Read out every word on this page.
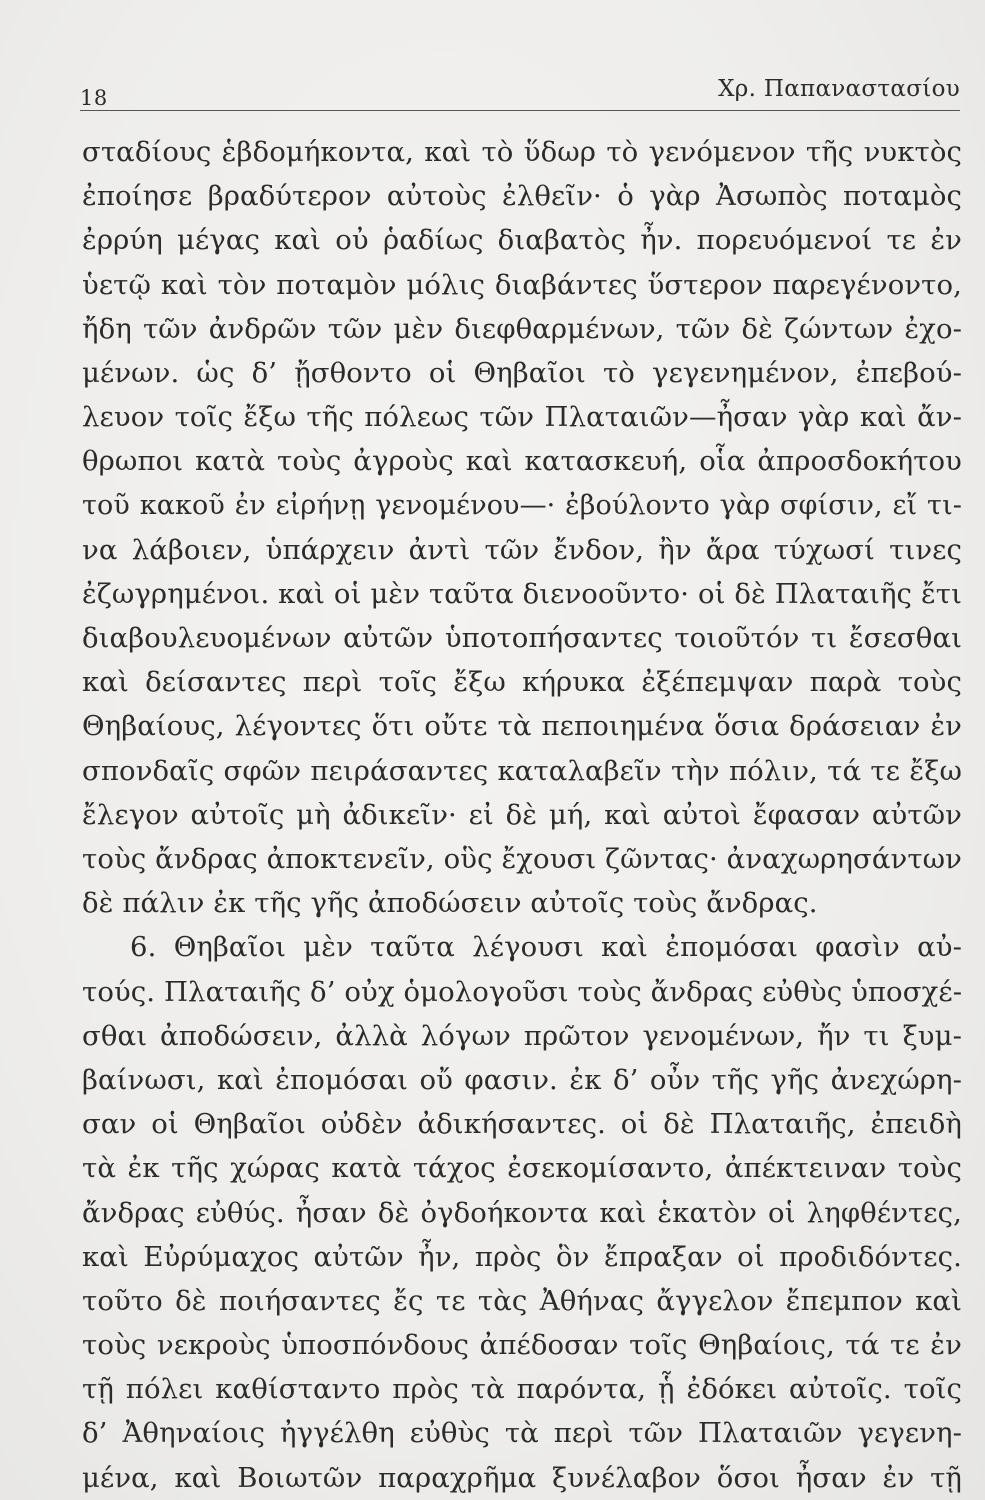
18	Χρ. Παπαναστασίου
σταδίους ἑβδομήκοντα, καὶ τὸ ὕδωρ τὸ γενόμενον τῆς νυκτὸς
ἐποίησε βραδύτερον αὐτοὺς ἐλθεῖν· ὁ γὰρ Ἀσωπὸς ποταμὸς
ἐρρύη μέγας καὶ οὐ ῥαδίως διαβατὸς ἦν. πορευόμενοί τε ἐν
ὑετῷ καὶ τὸν ποταμὸν μόλις διαβάντες ὕστερον παρεγένοντο,
ἤδη τῶν ἀνδρῶν τῶν μὲν διεφθαρμένων, τῶν δὲ ζώντων ἐχο-
μένων. ὡς δ’ ᾔσθοντο οἱ Θηβαῖοι τὸ γεγενημένον, ἐπεβού-
λευον τοῖς ἔξω τῆς πόλεως τῶν Πλαταιῶν—ἦσαν γὰρ καὶ ἄν-
θρωποι κατὰ τοὺς ἀγροὺς καὶ κατασκευή, οἷα ἀπροσδοκήτου
τοῦ κακοῦ ἐν εἰρήνῃ γενομένου—· ἐβούλοντο γὰρ σφίσιν, εἴ τι-
να λάβοιεν, ὑπάρχειν ἀντὶ τῶν ἔνδον, ἢν ἄρα τύχωσί τινες
ἐζωγρημένοι. καὶ οἱ μὲν ταῦτα διενοοῦντο· οἱ δὲ Πλαταιῆς ἔτι
διαβουλευομένων αὐτῶν ὑποτοπήσαντες τοιοῦτόν τι ἔσεσθαι
καὶ δείσαντες περὶ τοῖς ἔξω κήρυκα ἐξέπεμψαν παρὰ τοὺς
Θηβαίους, λέγοντες ὅτι οὔτε τὰ πεποιημένα ὅσια δράσειαν ἐν
σπονδαῖς σφῶν πειράσαντες καταλαβεῖν τὴν πόλιν, τά τε ἔξω
ἔλεγον αὐτοῖς μὴ ἀδικεῖν· εἰ δὲ μή, καὶ αὐτοὶ ἔφασαν αὐτῶν
τοὺς ἄνδρας ἀποκτενεῖν, οὓς ἔχουσι ζῶντας· ἀναχωρησάντων
δὲ πάλιν ἐκ τῆς γῆς ἀποδώσειν αὐτοῖς τοὺς ἄνδρας.
6. Θηβαῖοι μὲν ταῦτα λέγουσι καὶ ἐπομόσαι φασὶν αὐ-
τούς. Πλαταιῆς δ’ οὐχ ὁμολογοῦσι τοὺς ἄνδρας εὐθὺς ὑποσχέ-
σθαι ἀποδώσειν, ἀλλὰ λόγων πρῶτον γενομένων, ἤν τι ξυμ-
βαίνωσι, καὶ ἐπομόσαι οὔ φασιν. ἐκ δ’ οὖν τῆς γῆς ἀνεχώρη-
σαν οἱ Θηβαῖοι οὐδὲν ἀδικήσαντες. οἱ δὲ Πλαταιῆς, ἐπειδὴ
τὰ ἐκ τῆς χώρας κατὰ τάχος ἐσεκομίσαντο, ἀπέκτειναν τοὺς
ἄνδρας εὐθύς. ἦσαν δὲ ὀγδοήκοντα καὶ ἑκατὸν οἱ ληφθέντες,
καὶ Εὐρύμαχος αὐτῶν ἦν, πρὸς ὃν ἔπραξαν οἱ προδιδόντες.
τοῦτο δὲ ποιήσαντες ἔς τε τὰς Ἀθήνας ἄγγελον ἔπεμπον καὶ
τοὺς νεκροὺς ὑποσπόνδους ἀπέδοσαν τοῖς Θηβαίοις, τά τε ἐν
τῇ πόλει καθίσταντο πρὸς τὰ παρόντα, ᾗ ἐδόκει αὐτοῖς. τοῖς
δ’ Ἀθηναίοις ἠγγέλθη εὐθὺς τὰ περὶ τῶν Πλαταιῶν γεγενη-
μένα, καὶ Βοιωτῶν παραχρῆμα ξυνέλαβον ὅσοι ἦσαν ἐν τῇ
